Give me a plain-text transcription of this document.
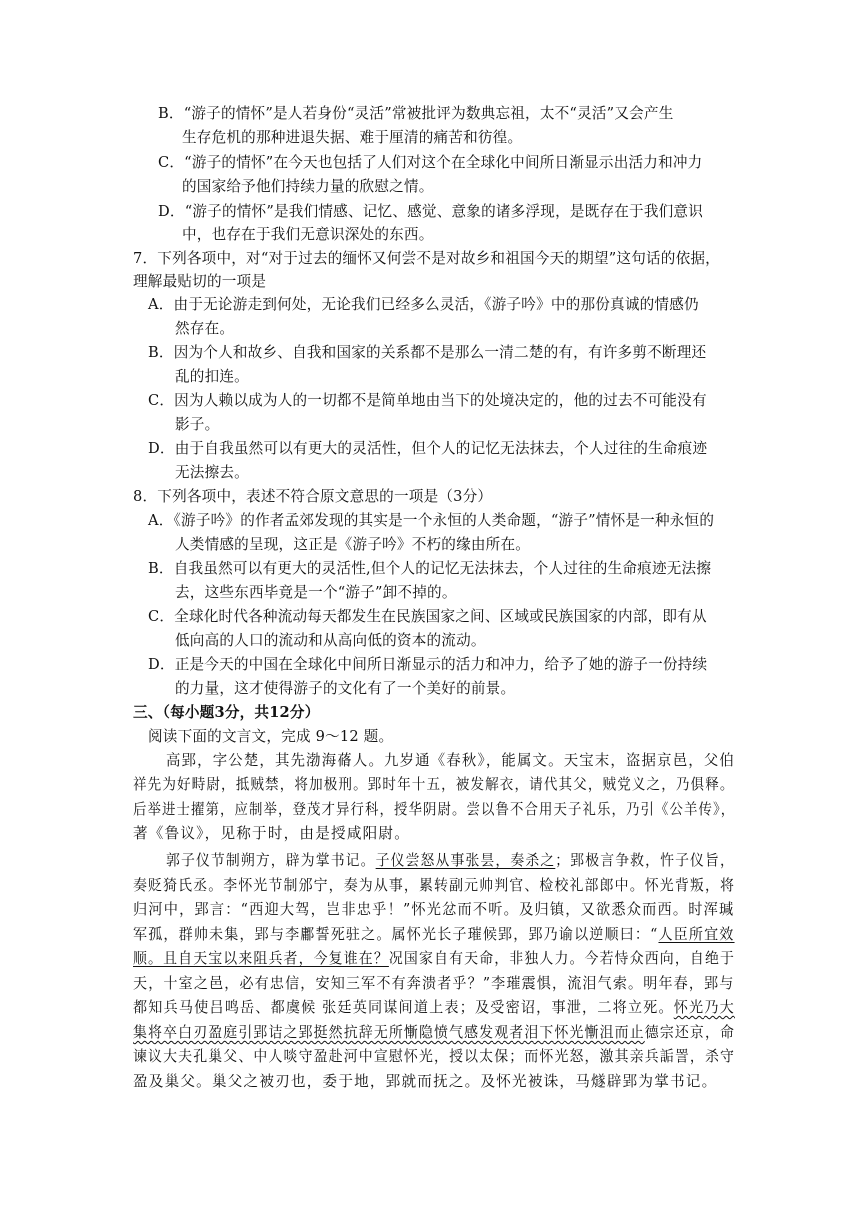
B．“游子的情怀”是人若身份“灵活”常被批评为数典忘祖，太不“灵活”又会产生
生存危机的那种进退失据、难于厘清的痛苦和彷徨。
C．“游子的情怀”在今天也包括了人们对这个在全球化中间所日渐显示出活力和冲力
的国家给予他们持续力量的欣慰之情。
D．“游子的情怀”是我们情感、记忆、感觉、意象的诸多浮现，是既存在于我们意识
中，也存在于我们无意识深处的东西。
7．下列各项中，对“对于过去的缅怀又何尝不是对故乡和祖国今天的期望”这句话的依据，
理解最贴切的一项是
A．由于无论游走到何处，无论我们已经多么灵活，《游子吟》中的那份真诚的情感仍
然存在。
B．因为个人和故乡、自我和国家的关系都不是那么一清二楚的有，有许多剪不断理还
乱的扣连。
C．因为人赖以成为人的一切都不是简单地由当下的处境决定的，他的过去不可能没有
影子。
D．由于自我虽然可以有更大的灵活性，但个人的记忆无法抹去，个人过往的生命痕迹
无法擦去。
8．下列各项中，表述不符合原文意思的一项是（3分）
A．《游子吟》的作者孟郊发现的其实是一个永恒的人类命题，“游子”情怀是一种永恒的
人类情感的呈现，这正是《游子吟》不朽的缘由所在。
B．自我虽然可以有更大的灵活性,但个人的记忆无法抹去，个人过往的生命痕迹无法擦
去，这些东西毕竟是一个“游子”卸不掉的。
C．全球化时代各种流动每天都发生在民族国家之间、区域或民族国家的内部，即有从
低向高的人口的流动和从高向低的资本的流动。
D．正是今天的中国在全球化中间所日渐显示的活力和冲力，给予了她的游子一份持续
的力量，这才使得游子的文化有了一个美好的前景。
三、（每小题3分，共12分）
阅读下面的文言文，完成 9～12 题。
高郢，字公楚，其先渤海蓨人。九岁通《春秋》，能属文。天宝末，盗据京邑，父伯
祥先为好畤尉，抵贼禁，将加极刑。郢时年十五，被发解衣，请代其父，贼党义之，乃俱释。
后举进士擢第，应制举，登茂才异行科，授华阴尉。尝以鲁不合用天子礼乐，乃引《公羊传》，
著《鲁议》，见称于时，由是授咸阳尉。
郭子仪节制朔方，辟为掌书记。子仪尝怒从事张昙，奏杀之；郢极言争救，忤子仪旨，
奏贬猗氏丞。李怀光节制邠宁，奏为从事，累转副元帅判官、检校礼部郎中。怀光背叛，将
归河中，郢言：“西迎大驾，岂非忠乎！”怀光忿而不听。及归镇，又欲悉众而西。时浑瑊
军孤，群帅未集，郢与李鄘誓死驻之。属怀光长子璀候郢，郢乃谕以逆顺曰：“人臣所宜效
顺。且自天宝以来阻兵者，今复谁在？况国家自有天命，非独人力。今若恃众西向，自绝于
天，十室之邑，必有忠信，安知三军不有奔溃者乎？”李璀震惧，流泪气索。明年春，郢与
都知兵马使吕鸣岳、都虞候 张廷英同谋间道上表；及受密诏，事泄，二将立死。怀光乃大
集将卒白刃盈庭引郢诘之郢挺然抗辞无所慚隐愤气感发观者泪下怀光慚沮而止德宗还京，命
谏议大夫孔巢父、中人啖守盈赴河中宣慰怀光，授以太保；而怀光怒，激其亲兵詬詈，杀守
盈及巢父。巢父之被刃也，委于地，郢就而抚之。及怀光被诛，马燧辟郢为掌书记。
